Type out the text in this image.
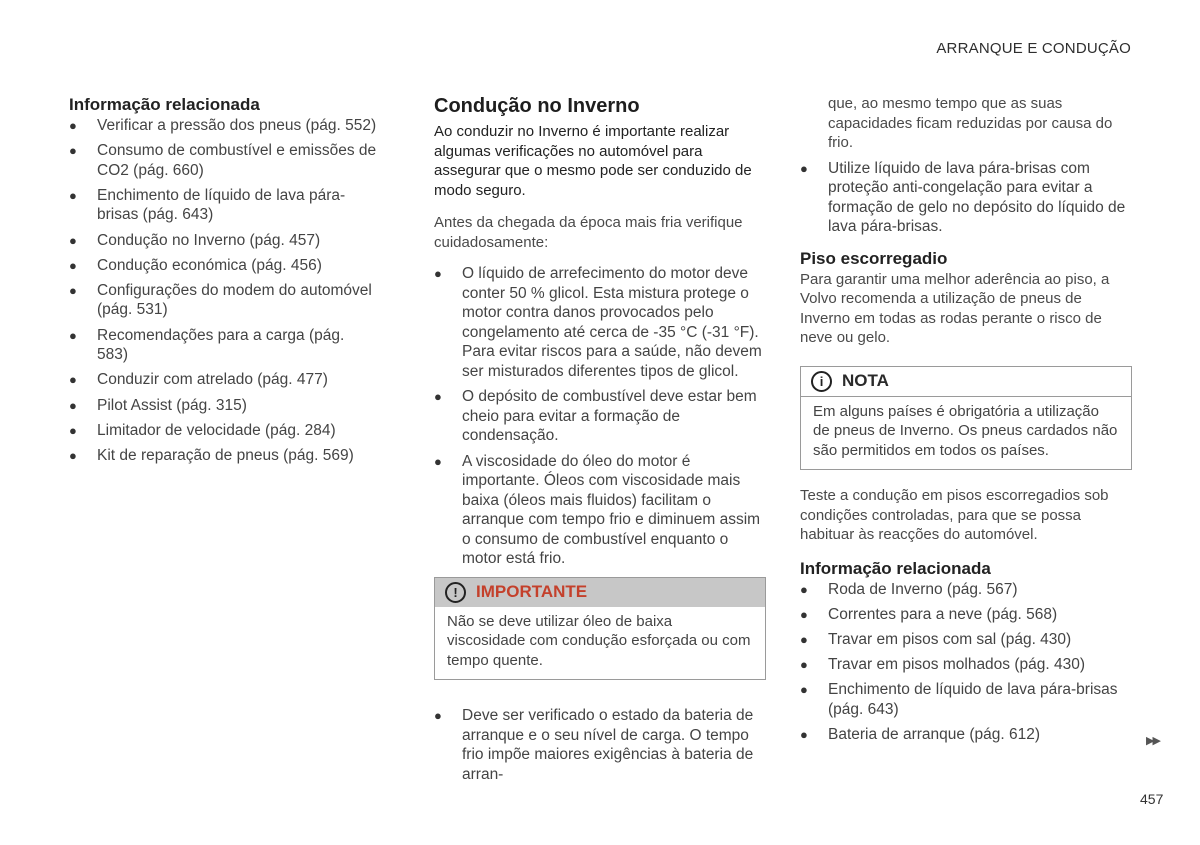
ARRANQUE E CONDUÇÃO
Informação relacionada
● Verificar a pressão dos pneus (pág. 552)
● Consumo de combustível e emissões de CO2 (pág. 660)
● Enchimento de líquido de lava pára-brisas (pág. 643)
● Condução no Inverno (pág. 457)
● Condução económica (pág. 456)
● Configurações do modem do automóvel (pág. 531)
● Recomendações para a carga (pág. 583)
● Conduzir com atrelado (pág. 477)
● Pilot Assist (pág. 315)
● Limitador de velocidade (pág. 284)
● Kit de reparação de pneus (pág. 569)
Condução no Inverno

Ao conduzir no Inverno é importante realizar algumas verificações no automóvel para assegurar que o mesmo pode ser conduzido de modo seguro.

Antes da chegada da época mais fria verifique cuidadosamente:

● O líquido de arrefecimento do motor deve conter 50 % glicol. Esta mistura protege o motor contra danos provocados pelo congelamento até cerca de -35 °C (-31 °F). Para evitar riscos para a saúde, não devem ser misturados diferentes tipos de glicol.
● O depósito de combustível deve estar bem cheio para evitar a formação de condensação.
● A viscosidade do óleo do motor é importante. Óleos com viscosidade mais baixa (óleos mais fluidos) facilitam o arranque com tempo frio e diminuem assim o consumo de combustível enquanto o motor está frio.
!	IMPORTANTE
Não se deve utilizar óleo de baixa viscosidade com condução esforçada ou com tempo quente.
● Deve ser verificado o estado da bateria de arranque e o seu nível de carga. O tempo frio impõe maiores exigências à bateria de arran-

que, ao mesmo tempo que as suas capacidades ficam reduzidas por causa do frio.

● Utilize líquido de lava pára-brisas com proteção anti-congelação para evitar a formação de gelo no depósito do líquido de lava pára-brisas.
Piso escorregadio

Para garantir uma melhor aderência ao piso, a Volvo recomenda a utilização de pneus de Inverno em todas as rodas perante o risco de neve ou gelo.

i	NOTA
Em alguns países é obrigatória a utilização de pneus de Inverno. Os pneus cardados não são permitidos em todos os países.

Teste a condução em pisos escorregadios sob condições controladas, para que se possa habituar às reacções do automóvel.

Informação relacionada
● Roda de Inverno (pág. 567)
● Correntes para a neve (pág. 568)
● Travar em pisos com sal (pág. 430)
● Travar em pisos molhados (pág. 430)
● Enchimento de líquido de lava pára-brisas (pág. 643)
● Bateria de arranque (pág. 612)	▶▶
457
